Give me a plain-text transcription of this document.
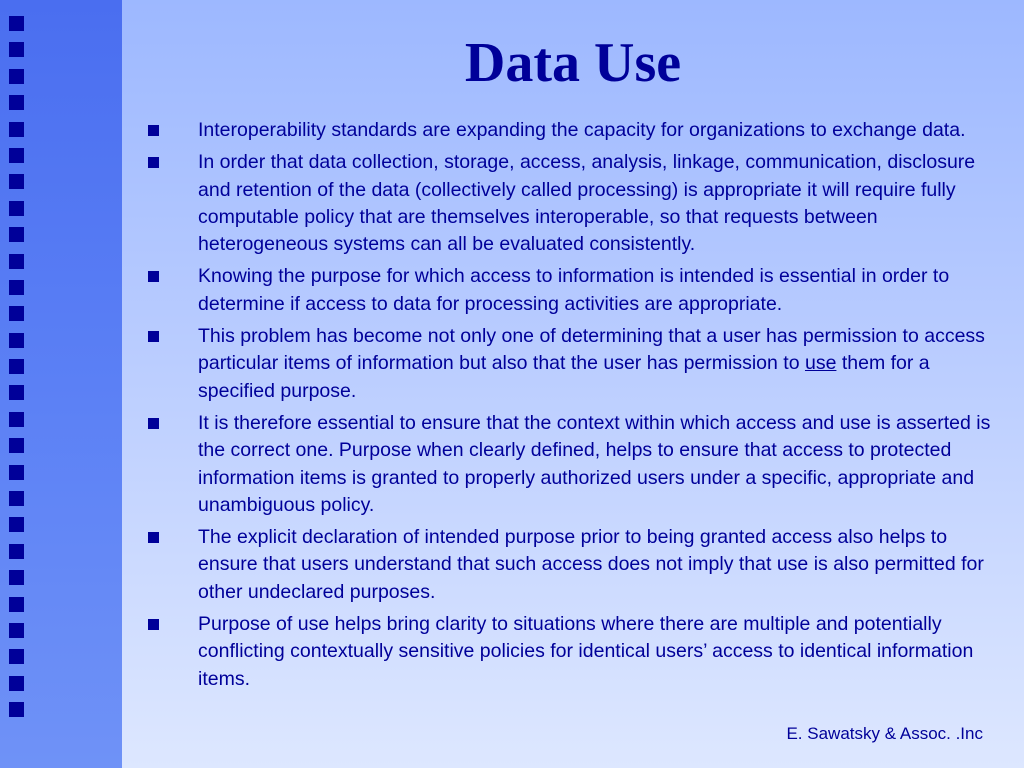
Data Use
Interoperability standards are expanding the capacity for organizations to exchange data.
In order that data collection, storage, access, analysis, linkage, communication, disclosure and retention of the data (collectively called processing) is appropriate it will require fully computable policy that are themselves interoperable, so that requests between heterogeneous systems can all be evaluated consistently.
Knowing the purpose for which access to information is intended is essential in order to determine if access to data for processing activities are appropriate.
This problem has become not only one of determining that a user has permission to access particular items of information but also that the user has permission to use them for a specified purpose.
It is therefore essential to ensure that the context within which access and use is asserted is the correct one. Purpose when clearly defined, helps to ensure that access to protected information items is granted to properly authorized users under a specific, appropriate and unambiguous policy.
The explicit declaration of intended purpose prior to being granted access also helps to ensure that users understand that such access does not imply that use is also permitted for other undeclared purposes.
Purpose of use helps bring clarity to situations where there are multiple and potentially conflicting contextually sensitive policies for identical users’ access to identical information items.
E. Sawatsky & Assoc. .Inc
